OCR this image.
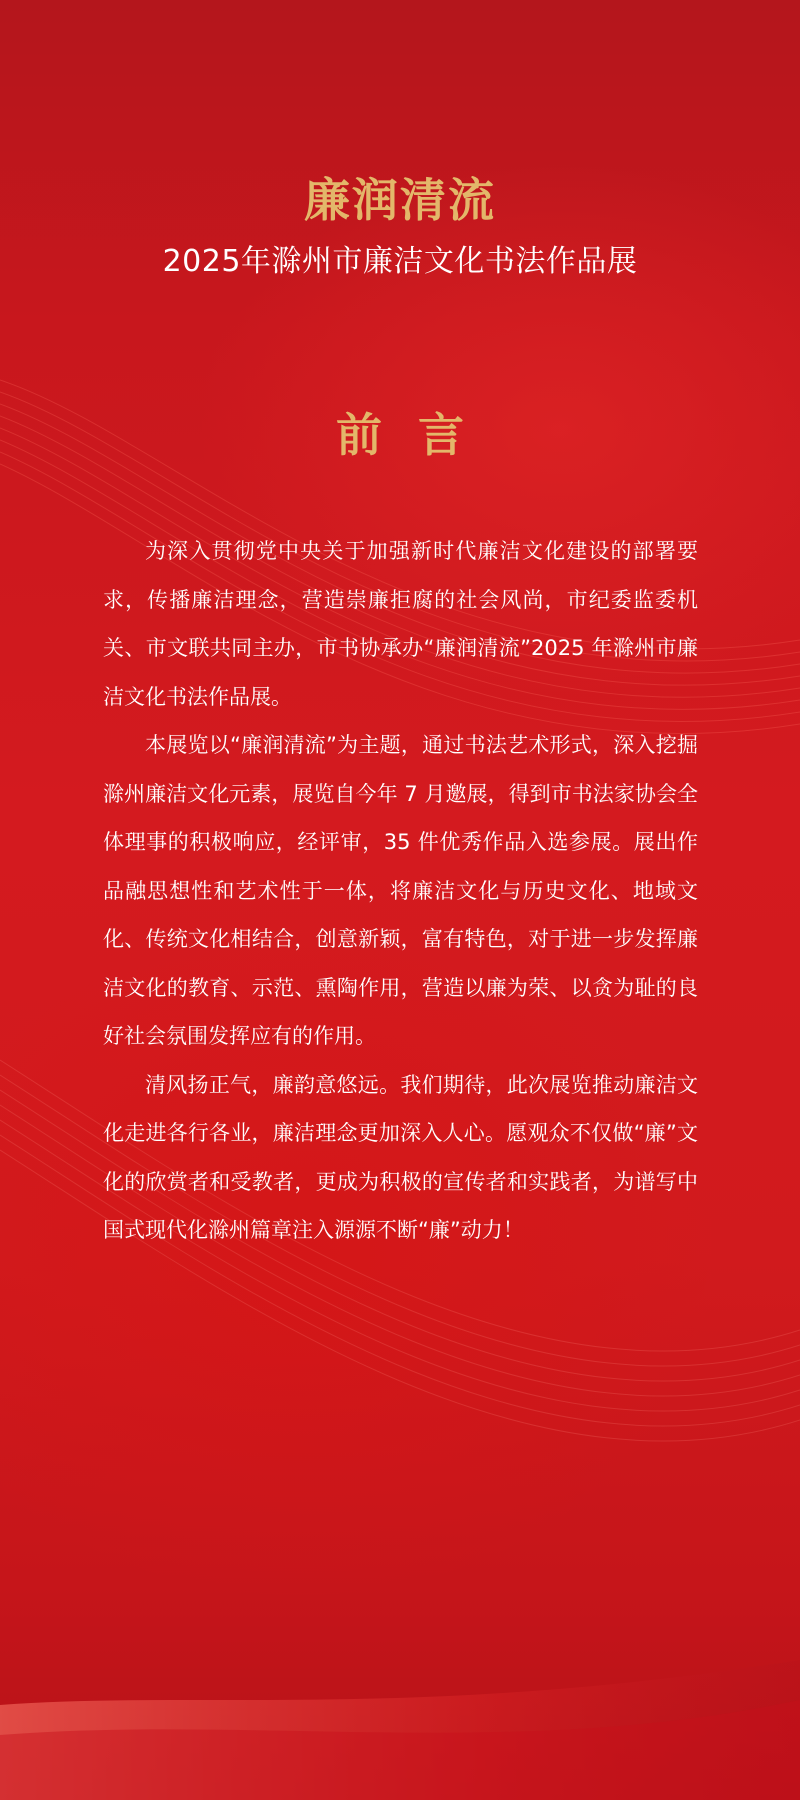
廉润清流
2025年滁州市廉洁文化书法作品展
前言

为深入贯彻党中央关于加强新时代廉洁文化建设的部署要求，传播廉洁理念，营造崇廉拒腐的社会风尚，市纪委监委机关、市文联共同主办，市书协承办“廉润清流”2025 年滁州市廉洁文化书法作品展。

本展览以“廉润清流”为主题，通过书法艺术形式，深入挖掘滁州廉洁文化元素，展览自今年 7 月邀展，得到市书法家协会全体理事的积极响应，经评审，35 件优秀作品入选参展。展出作品融思想性和艺术性于一体，将廉洁文化与历史文化、地域文化、传统文化相结合，创意新颖，富有特色，对于进一步发挥廉洁文化的教育、示范、熏陶作用，营造以廉为荣、以贪为耻的良好社会氛围发挥应有的作用。

清风扬正气，廉韵意悠远。我们期待，此次展览推动廉洁文化走进各行各业，廉洁理念更加深入人心。愿观众不仅做“廉”文化的欣赏者和受教者，更成为积极的宣传者和实践者，为谱写中国式现代化滁州篇章注入源源不断“廉”动力！
